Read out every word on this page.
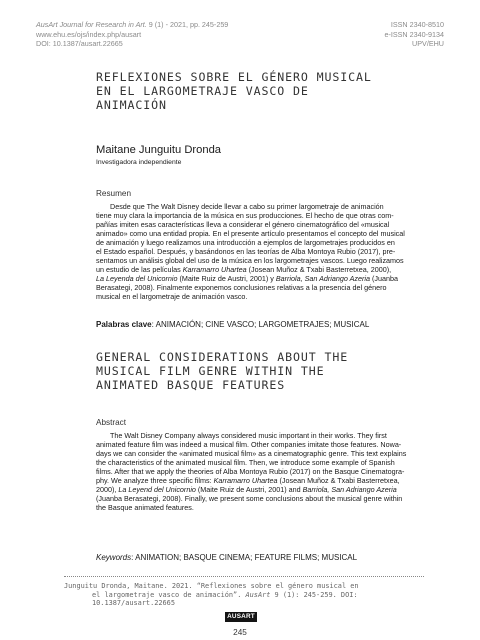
AusArt Journal for Research in Art. 9 (1) - 2021, pp. 245-259
www.ehu.es/ojs/index.php/ausart
DOI: 10.1387/ausart.22665
ISSN 2340-8510
e-ISSN 2340-9134
UPV/EHU
REFLEXIONES SOBRE EL GÉNERO MUSICAL
EN EL LARGOMETRAJE VASCO DE
ANIMACIÓN
Maitane Junguitu Dronda
Investigadora independiente
Resumen
Desde que The Walt Disney decide llevar a cabo su primer largometraje de animación
tiene muy clara la importancia de la música en sus producciones. El hecho de que otras com-
pañías imiten esas características lleva a considerar el género cinematográfico del «musical
animado» como una entidad propia. En el presente artículo presentamos el concepto del musical
de animación y luego realizamos una introducción a ejemplos de largometrajes producidos en
el Estado español. Después, y basándonos en las teorías de Alba Montoya Rubio (2017), pre-
sentamos un análisis global del uso de la música en los largometrajes vascos. Luego realizamos
un estudio de las películas Karramarro Uhartea (Josean Muñoz & Txabi Basterretxea, 2000),
La Leyenda del Unicornio (Maite Ruiz de Austri, 2001) y Barriola, San Adriango Azeria (Juanba
Berasategi, 2008). Finalmente exponemos conclusiones relativas a la presencia del género
musical en el largometraje de animación vasco.
Palabras clave: ANIMACIÓN; CINE VASCO; LARGOMETRAJES; MUSICAL
GENERAL CONSIDERATIONS ABOUT THE
MUSICAL FILM GENRE WITHIN THE
ANIMATED BASQUE FEATURES
Abstract
The Walt Disney Company always considered music important in their works. They first
animated feature film was indeed a musical film. Other companies imitate those features. Nowa-
days we can consider the «animated musical film» as a cinematographic genre. This text explains
the characteristics of the animated musical film. Then, we introduce some example of Spanish
films. After that we apply the theories of Alba Montoya Rubio (2017) on the Basque Cinematogra-
phy. We analyze three specific films: Karramarro Uhartea (Josean Muñoz & Txabi Basterretxea,
2000), La Leyend del Unicornio (Maite Ruiz de Austri, 2001) and Barriola, San Adriango Azeria
(Juanba Berasategi, 2008). Finally, we present some conclusions about the musical genre within
the Basque animated features.
Keywords: ANIMATION; BASQUE CINEMA; FEATURE FILMS; MUSICAL
Junguitu Dronda, Maitane. 2021. “Reflexiones sobre el género musical en
el largometraje vasco de animación”. AusArt 9 (1): 245-259. DOI:
10.1387/ausart.22665
AUSART
245
